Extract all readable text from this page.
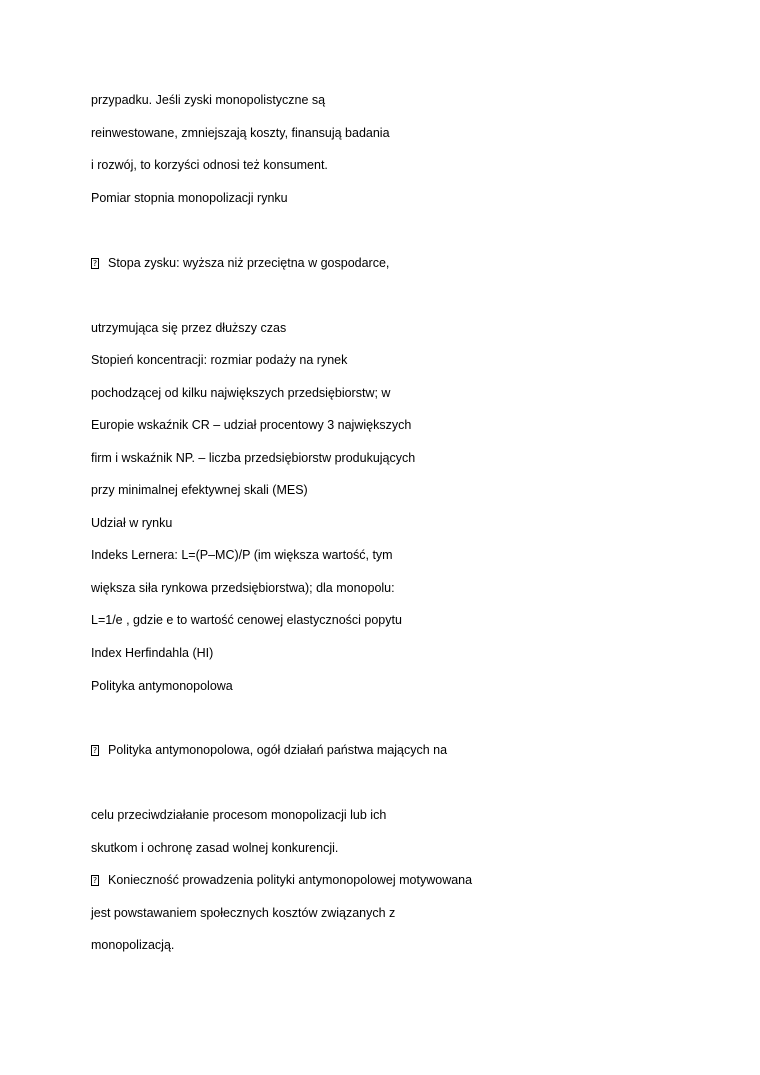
przypadku. Jeśli zyski monopolistyczne są
reinwestowane, zmniejszają koszty, finansują badania
i rozwój, to korzyści odnosi też konsument.
Pomiar stopnia monopolizacji rynku
? Stopa zysku: wyższa niż przeciętna w gospodarce,
utrzymująca się przez dłuższy czas
Stopień koncentracji: rozmiar podaży na rynek
pochodzącej od kilku największych przedsiębiorstw; w
Europie wskaźnik CR – udział procentowy 3 największych
firm i wskaźnik NP. – liczba przedsiębiorstw produkujących
przy minimalnej efektywnej skali (MES)
Udział w rynku
Indeks Lernera: L=(P–MC)/P (im większa wartość, tym
większa siła rynkowa przedsiębiorstwa); dla monopolu:
L=1/e , gdzie e to wartość cenowej elastyczności popytu
Index Herfindahla (HI)
Polityka antymonopolowa
? Polityka antymonopolowa, ogół działań państwa mających na
celu przeciwdziałanie procesom monopolizacji lub ich
skutkom i ochronę zasad wolnej konkurencji.
? Konieczność prowadzenia polityki antymonopolowej motywowana
jest powstawaniem społecznych kosztów związanych z
monopolizacją.
